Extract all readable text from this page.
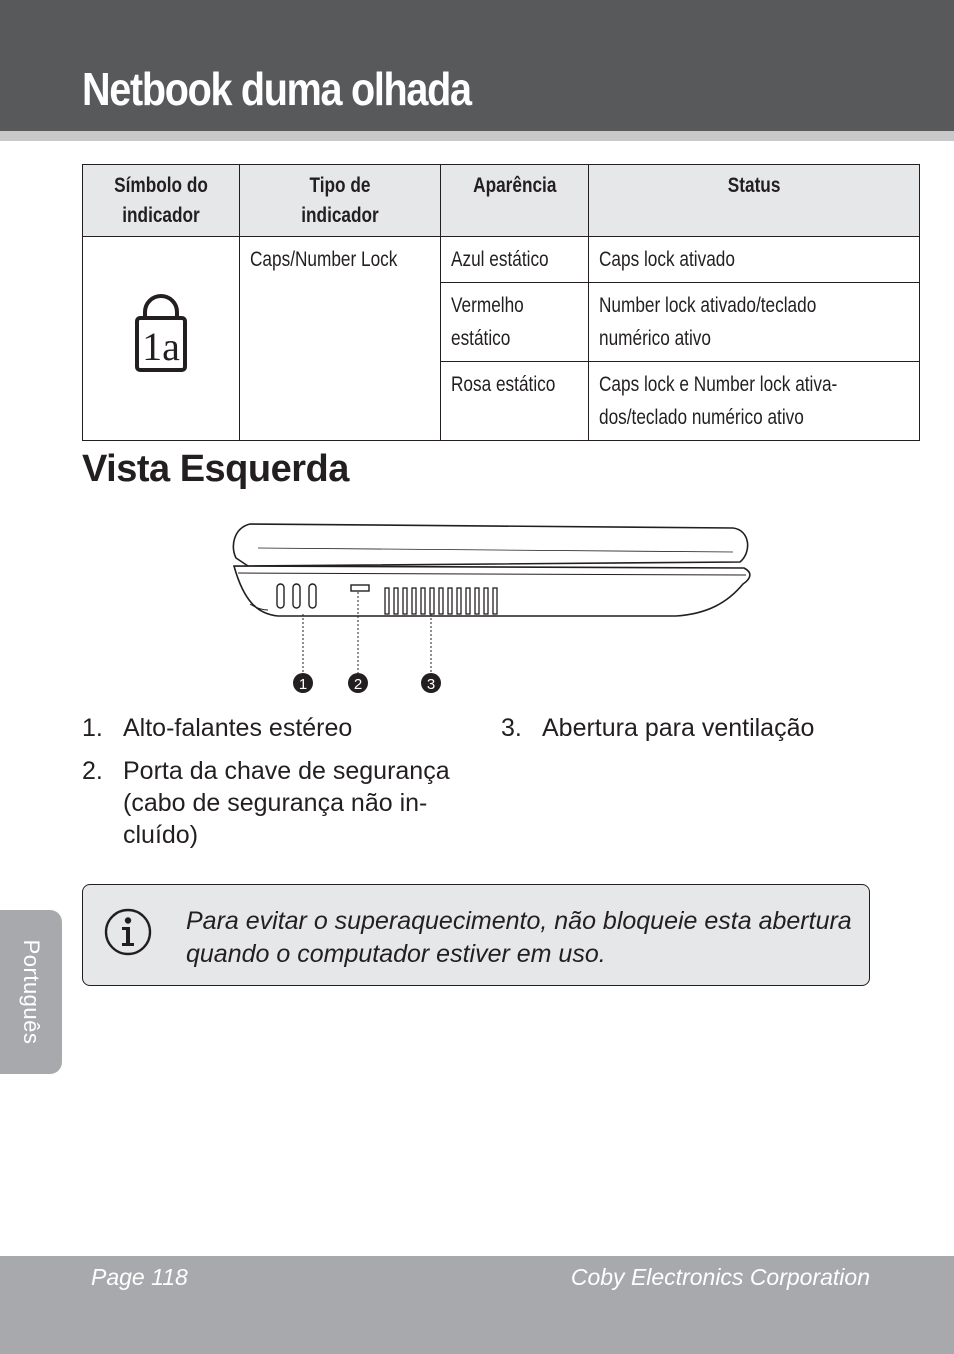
Netbook duma olhada
Símbolo do indicador	Tipo de indicador	Aparência	Status

1a	Caps/Number Lock	Azul estático	Caps lock ativado
		Vermelho estático	Number lock ativado/teclado numérico ativo
		Rosa estático	Caps lock e Number lock ativa-dos/teclado numérico ativo
Vista Esquerda
1	2	3
1. Alto-falantes estéreo
2. Porta da chave de segurança (cabo de segurança não in-cluído)
3. Abertura para ventilação
Para evitar o superaquecimento, não bloqueie esta abertura quando o computador estiver em uso.
Português
Page 118	Coby Electronics Corporation
